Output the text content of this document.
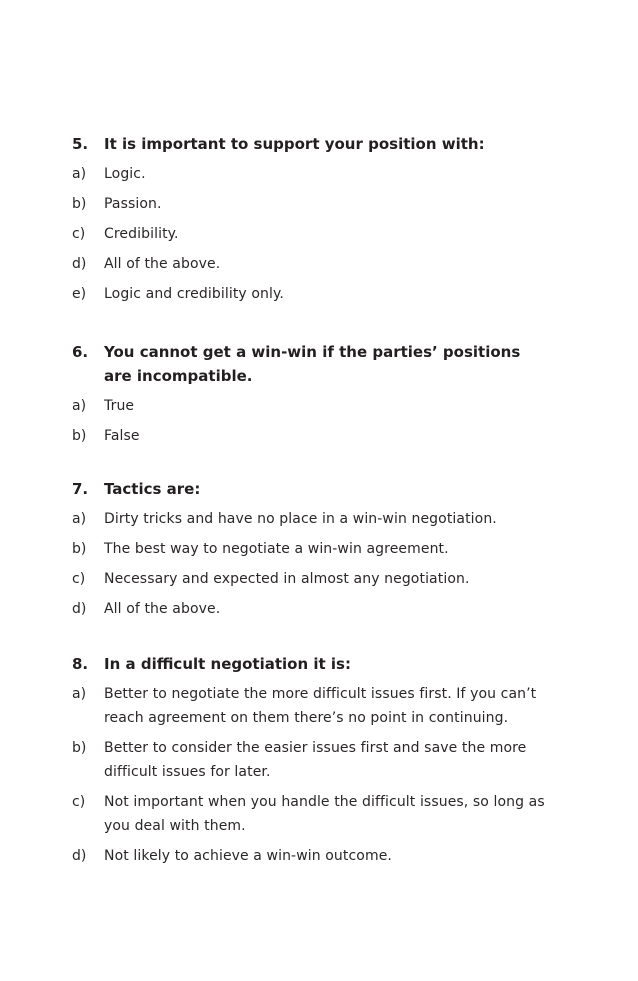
5. It is important to support your position with:
a) Logic.
b) Passion.
c) Credibility.
d) All of the above.
e) Logic and credibility only.
6. You cannot get a win-win if the parties’ positions are incompatible.
a) True
b) False
7. Tactics are:
a) Dirty tricks and have no place in a win-win negotiation.
b) The best way to negotiate a win-win agreement.
c) Necessary and expected in almost any negotiation.
d) All of the above.
8. In a difficult negotiation it is:
a) Better to negotiate the more difficult issues first. If you can’t reach agreement on them there’s no point in continuing.
b) Better to consider the easier issues first and save the more difficult issues for later.
c) Not important when you handle the difficult issues, so long as you deal with them.
d) Not likely to achieve a win-win outcome.
